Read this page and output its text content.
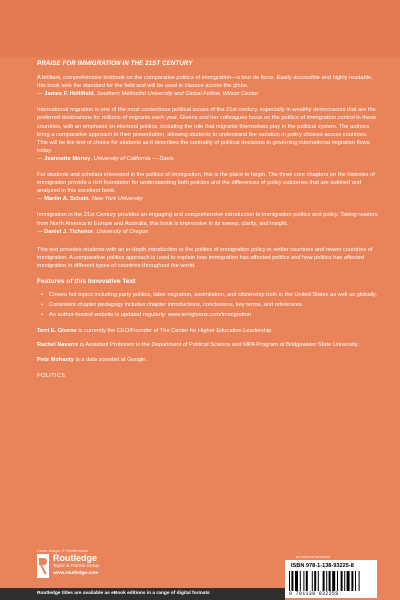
PRAISE FOR IMMIGRATION IN THE 21ST CENTURY
A brilliant, comprehensive textbook on the comparative politics of immigration—a tour de force. Easily accessible and highly readable, this book sets the standard for the field and will be used in classes across the globe.
— James F. Hollifield, Southern Methodist University and Global Fellow, Wilson Center
International migration is one of the most contentious political issues of the 21st century, especially in wealthy democracies that are the preferred destinations for millions of migrants each year. Givens and her colleagues focus on the politics of immigration control in these countries, with an emphasis on electoral politics, including the role that migrants themselves play in the political system. The authors bring a comparative approach to their presentation, allowing students to understand the variation in policy choices across countries. This will be the text of choice for students as it describes the centrality of political decisions in governing international migration flows today.
— Jeannette Money, University of California — Davis
For students and scholars interested in the politics of immigration, this is the place to begin. The three core chapters on the histories of immigration provide a rich foundation for understanding both policies and the differences of policy outcomes that are outlined and analyzed in this excellent book.
— Martin A. Schain, New York University
Immigration in the 21st Century provides an engaging and comprehensive introduction to immigration politics and policy. Taking readers from North America to Europe and Australia, this book is impressive in its sweep, clarity, and insight.
— Daniel J. Tichenor, University of Oregon
This text provides students with an in-depth introduction to the politics of immigration policy in settler countries and newer countries of immigration. A comparative politics approach is used to explain how immigration has affected politics and how politics has affected immigration in different types of countries throughout the world.
Features of this Innovative Text
• Covers hot topics including party politics, labor migration, assimilation, and citizenship both in the United States as well as globally.
• Consistent chapter pedagogy includes chapter introductions, conclusions, key terms, and references.
• An author-hosted website is updated regularly: www.terrigivens.com/immigration
Terri E. Givens is currently the CEO/Founder of The Center for Higher Education Leadership.
Rachel Navarre is Assistant Professor in the Department of Political Science and MPA Program at Bridgewater State University.
Pete Mohanty is a data scientist at Google.
POLITICS
Cover image: © Shutterstock
Routledge
Taylor & Francis Group
www.routledge.com
an informa business
ISBN 978-1-138-93225-8
9 781138 932258
Routledge titles are available as eBook editions in a range of digital formats
